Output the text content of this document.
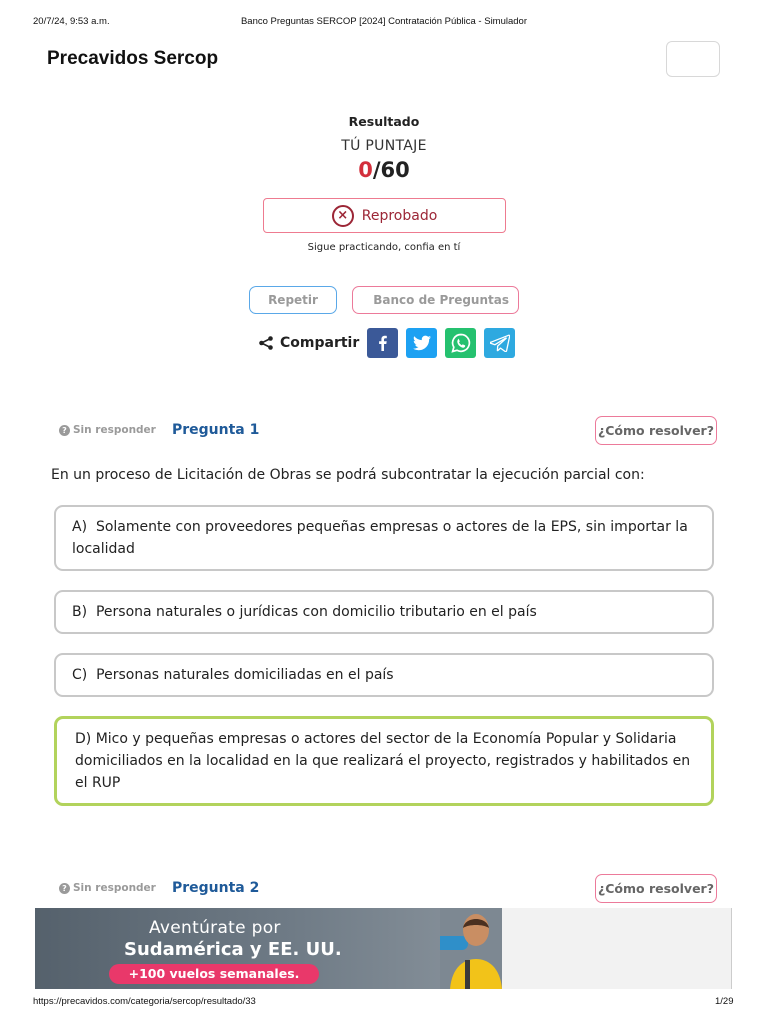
20/7/24, 9:53 a.m.	Banco Preguntas SERCOP [2024] Contratación Pública - Simulador
Precavidos Sercop
Resultado
TÚ PUNTAJE
0/60
× Reprobado
Sigue practicando, confia en tí
Repetir	Banco de Preguntas
Compartir
? Sin responder Pregunta 1	¿Cómo resolver?
En un proceso de Licitación de Obras se podrá subcontratar la ejecución parcial con:
A) Solamente con proveedores pequeñas empresas o actores de la EPS, sin importar la localidad
B) Persona naturales o jurídicas con domicilio tributario en el país
C) Personas naturales domiciliadas en el país
D) Mico y pequeñas empresas o actores del sector de la Economía Popular y Solidaria domiciliados en la localidad en la que realizará el proyecto, registrados y habilitados en el RUP
? Sin responder Pregunta 2	¿Cómo resolver?
Aventúrate por
Sudamérica y EE. UU.
+100 vuelos semanales.
https://precavidos.com/categoria/sercop/resultado/33	1/29
